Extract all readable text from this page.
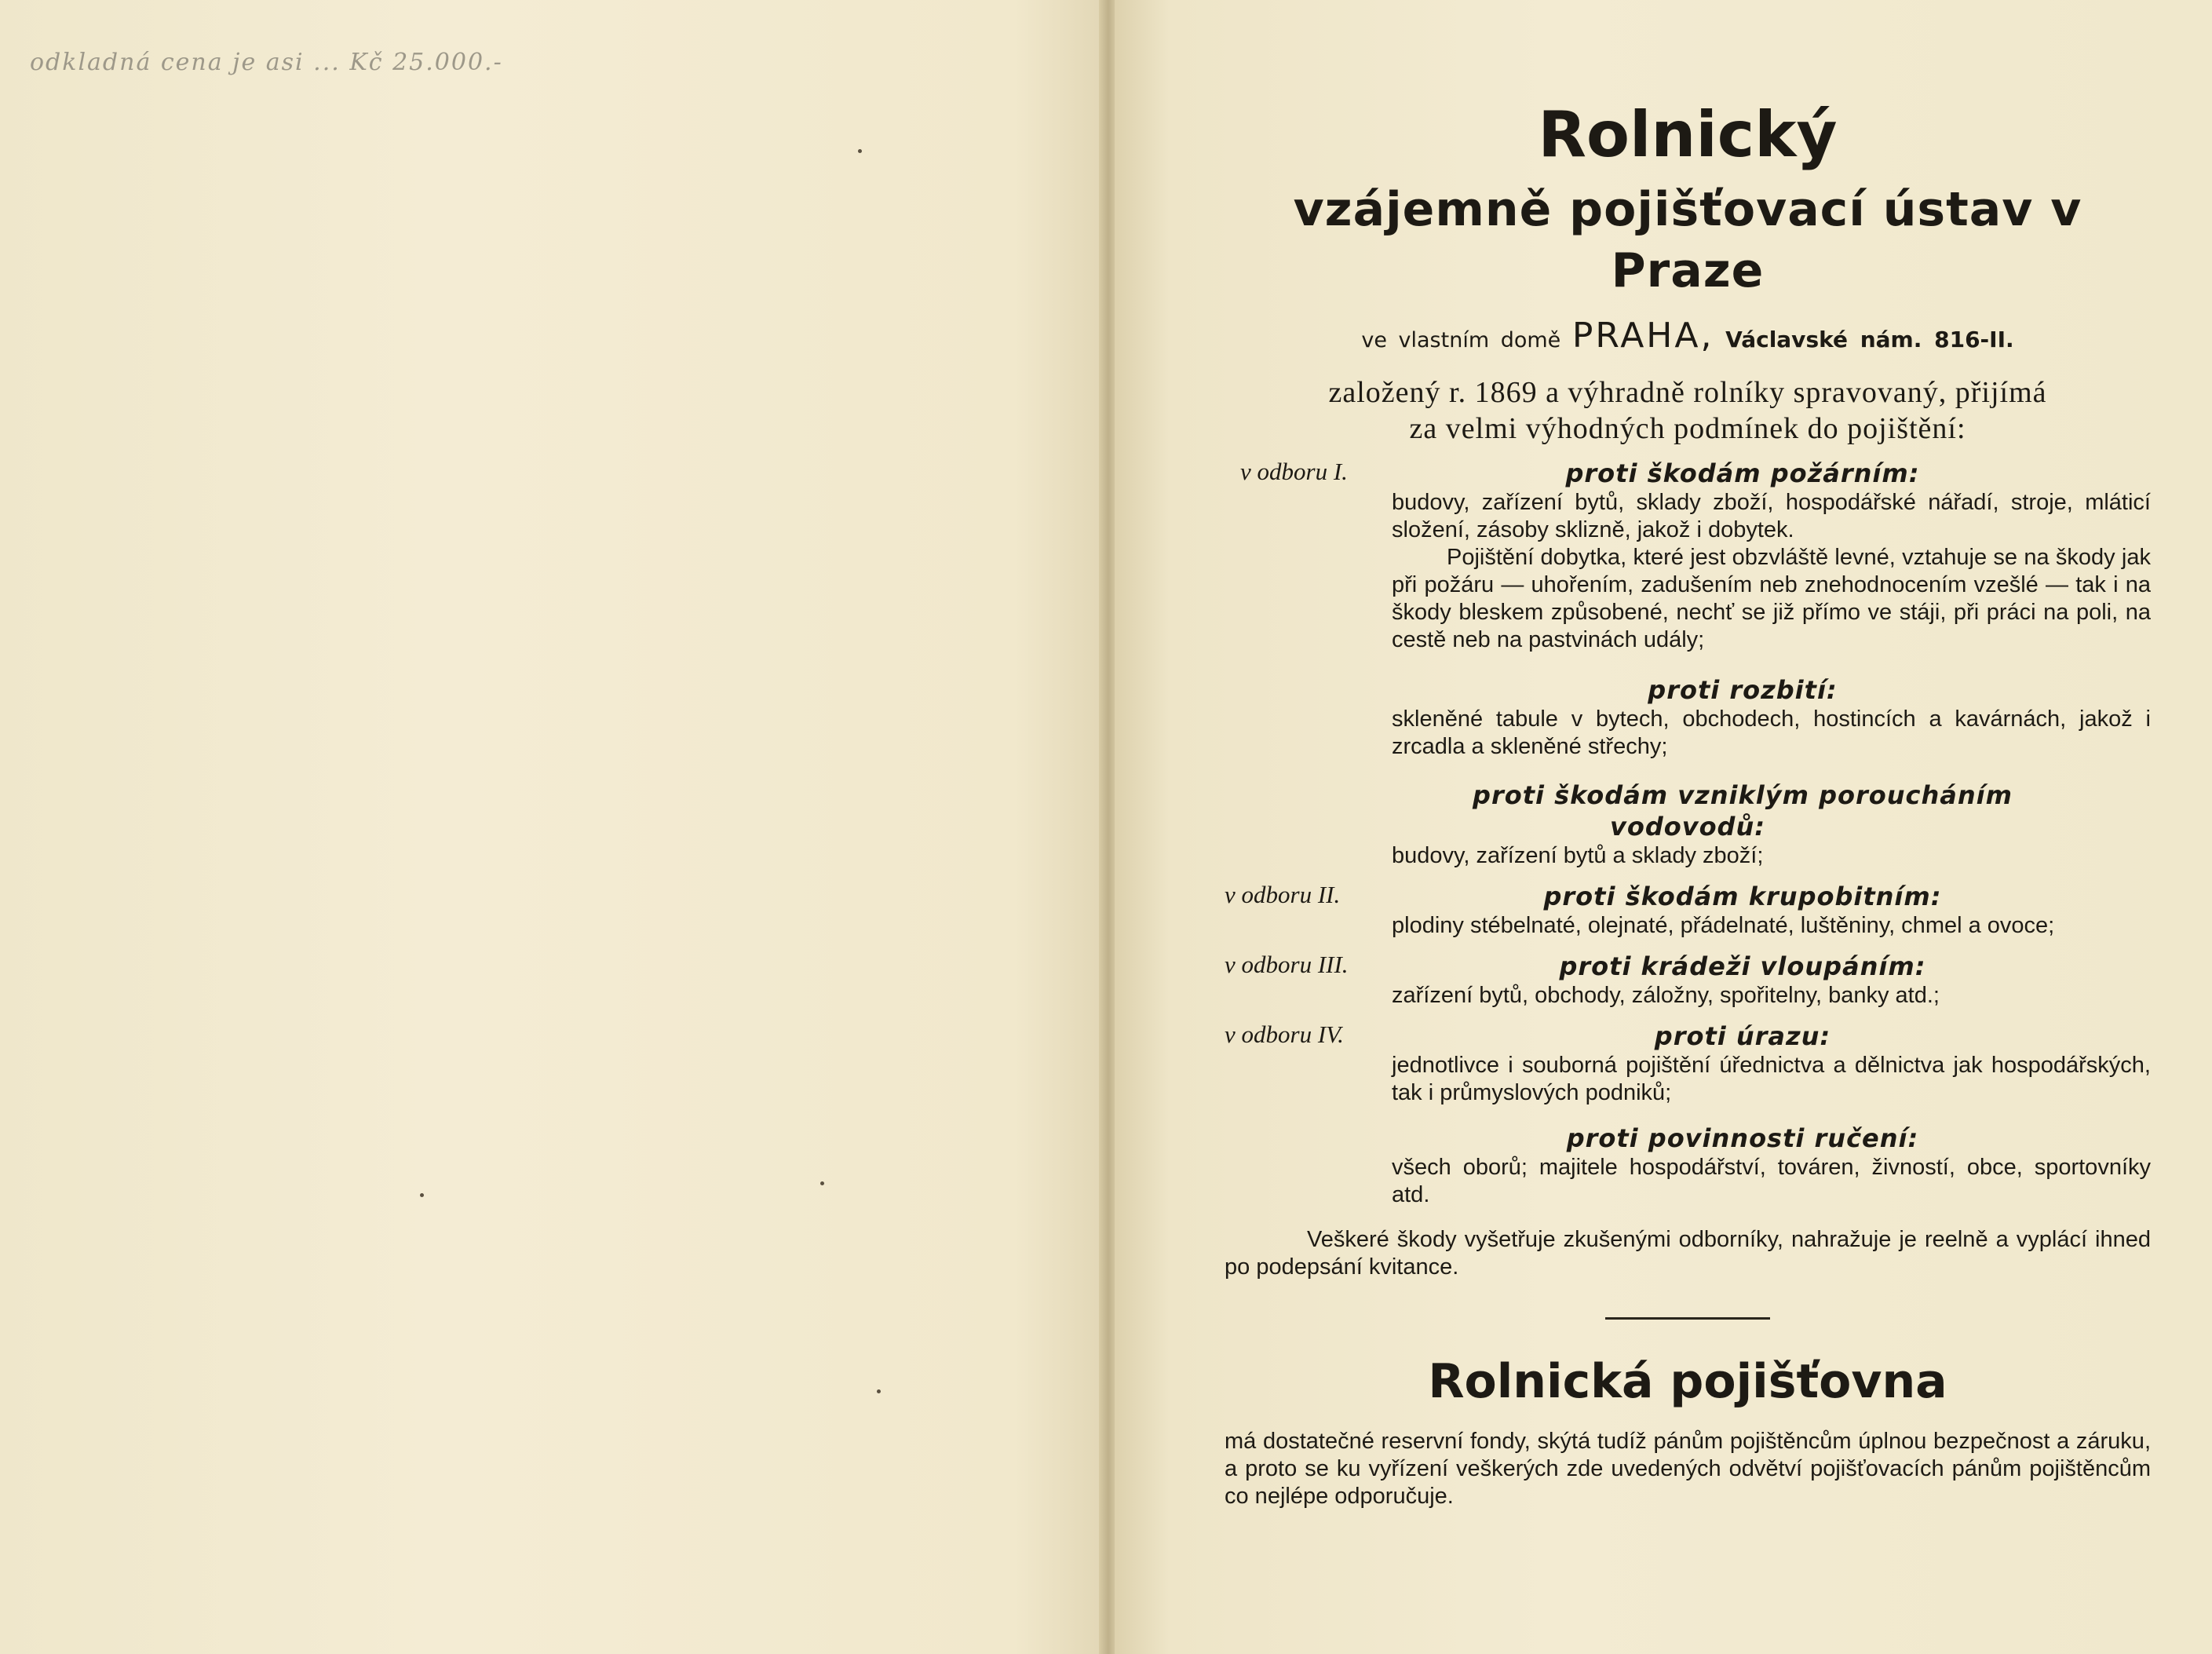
odkladná cena je asi ... Kč 25.000.-
Rolnický
vzájemně pojišťovací ústav v Praze
ve vlastním domě PRAHA, Václavské nám. 816-II.

založený r. 1869 a výhradně rolníky spravovaný, přijímá

za velmi výhodných podmínek do pojištění:

v odboru I.	proti škodám požárním:

budovy, zařízení bytů, sklady zboží, hospodářské nářadí, stroje, mláticí složení, zásoby sklizně, jakož i dobytek.

Pojištění dobytka, které jest obzvláště levné, vztahuje se na škody jak při požáru — uhořením, zadušením neb znehodnocením vzešlé — tak i na škody bleskem způsobené, nechť se již přímo ve stáji, při práci na poli, na cestě neb na pastvinách udály;

proti rozbití:

skleněné tabule v bytech, obchodech, hostincích a kavárnách, jakož i zrcadla a skleněné střechy;

proti škodám vzniklým poroucháním
vodovodů:

budovy, zařízení bytů a sklady zboží;

v odboru II.	proti škodám krupobitním:

plodiny stébelnaté, olejnaté, přádelnaté, luštěniny, chmel a ovoce;

v odboru III.	proti krádeži vloupáním:

zařízení bytů, obchody, záložny, spořitelny, banky atd.;

v odboru IV.	proti úrazu:

jednotlivce i souborná pojištění úřednictva a dělnictva jak hospodářských, tak i průmyslových podniků;

proti povinnosti ručení:

všech oborů; majitele hospodářství, továren, živností, obce, sportovníky atd.

Veškeré škody vyšetřuje zkušenými odborníky, nahražuje je reelně a vyplácí ihned po podepsání kvitance.

Rolnická pojišťovna

má dostatečné reservní fondy, skýtá tudíž pánům pojištěncům úplnou bezpečnost a záruku, a proto se ku vyřízení veškerých zde uvedených odvětví pojišťovacích pánům pojištěncům co nejlépe odporučuje.
